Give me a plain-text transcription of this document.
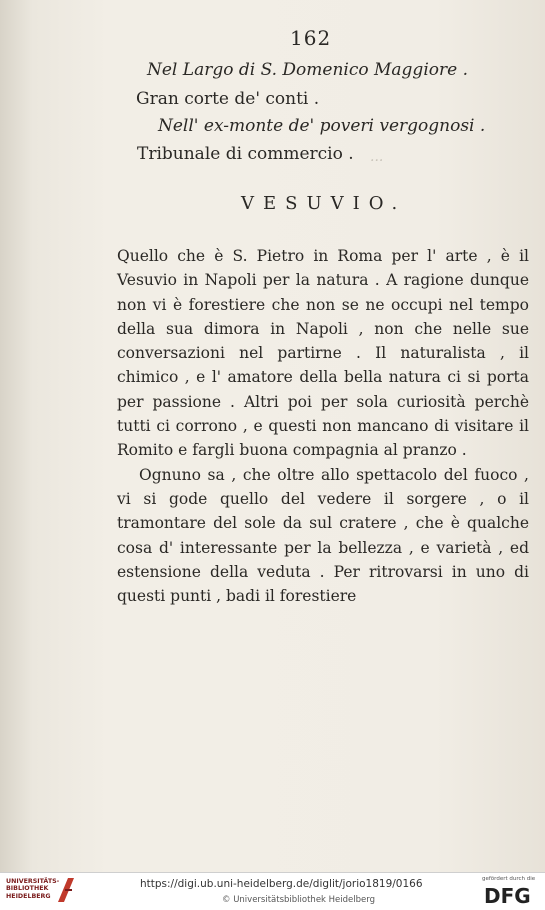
...
162
Nel Largo di S. Domenico Maggiore .
Gran corte de' conti .
Nell' ex-monte de' poveri vergognosi .
Tribunale di commercio .
VESUVIO.

Quello che è S. Pietro in Roma per l' arte , è il Vesuvio in Napoli per la natura . A ragione dunque non vi è forestiere che non se ne occupi nel tempo della sua dimora in Napoli , non che nelle sue conversazioni nel partirne . Il naturalista , il chimico , e l' amatore della bella natura ci si porta per passione . Altri poi per sola curiosità perchè tutti ci corrono , e questi non mancano di visitare il Romito e fargli buona compagnia al pranzo .

Ognuno sa , che oltre allo spettacolo del fuoco , vi si gode quello del vedere il sorgere , o il tramontare del sole da sul cratere , che è qualche cosa d' interessante per la bellezza , e varietà , ed estensione della veduta . Per ritrovarsi in uno di questi punti , badi il forestiere

UNIVERSITÄTS-
BIBLIOTHEK
HEIDELBERG
https://digi.ub.uni-heidelberg.de/diglit/jorio1819/0166
© Universitätsbibliothek Heidelberg
gefördert durch die
DFG
